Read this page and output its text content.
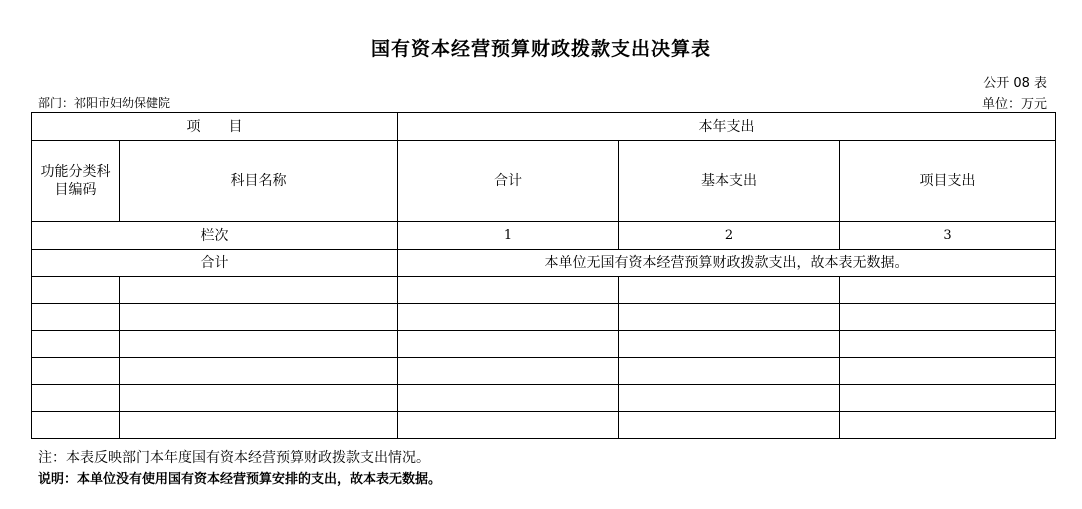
国有资本经营预算财政拨款支出决算表
公开 08 表
部门：祁阳市妇幼保健院	单位：万元
项　　目		本年支出		
功能分类科目编码	科目名称	合计	基本支出	项目支出
栏次		1	2	3
合计		本单位无国有资本经营预算财政拨款支出，故本表无数据。		

注：本表反映部门本年度国有资本经营预算财政拨款支出情况。
说明：本单位没有使用国有资本经营预算安排的支出，故本表无数据。
